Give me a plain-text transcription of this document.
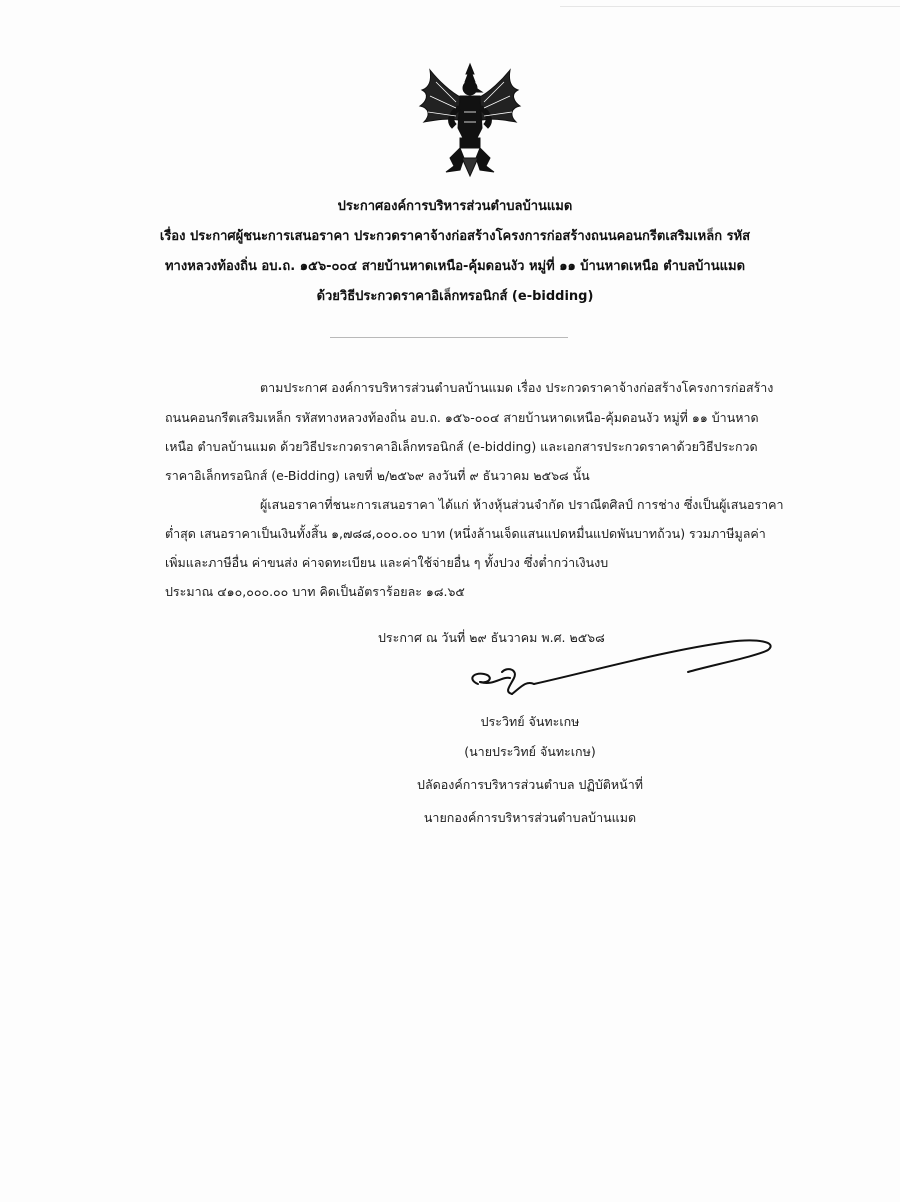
ประกาศองค์การบริหารส่วนตำบลบ้านแมด
เรื่อง ประกาศผู้ชนะการเสนอราคา ประกวดราคาจ้างก่อสร้างโครงการก่อสร้างถนนคอนกรีตเสริมเหล็ก รหัส
ทางหลวงท้องถิ่น อบ.ถ. ๑๕๖-๐๐๔ สายบ้านหาดเหนือ-คุ้มดอนงัว หมู่ที่ ๑๑ บ้านหาดเหนือ ตำบลบ้านแมด
ด้วยวิธีประกวดราคาอิเล็กทรอนิกส์ (e-bidding)
ตามประกาศ องค์การบริหารส่วนตำบลบ้านแมด เรื่อง ประกวดราคาจ้างก่อสร้างโครงการก่อสร้าง
ถนนคอนกรีตเสริมเหล็ก รหัสทางหลวงท้องถิ่น อบ.ถ. ๑๕๖-๐๐๔ สายบ้านหาดเหนือ-คุ้มดอนงัว หมู่ที่ ๑๑ บ้านหาด
เหนือ ตำบลบ้านแมด ด้วยวิธีประกวดราคาอิเล็กทรอนิกส์ (e-bidding) และเอกสารประกวดราคาด้วยวิธีประกวด
ราคาอิเล็กทรอนิกส์ (e-Bidding) เลขที่ ๒/๒๕๖๙ ลงวันที่ ๙ ธันวาคม ๒๕๖๘ นั้น
ผู้เสนอราคาที่ชนะการเสนอราคา ได้แก่ ห้างหุ้นส่วนจำกัด ปราณีตศิลป์ การช่าง ซึ่งเป็นผู้เสนอราคา
ต่ำสุด เสนอราคาเป็นเงินทั้งสิ้น ๑,๗๘๘,๐๐๐.๐๐ บาท (หนึ่งล้านเจ็ดแสนแปดหมื่นแปดพันบาทถ้วน) รวมภาษีมูลค่า
เพิ่มและภาษีอื่น ค่าขนส่ง ค่าจดทะเบียน และค่าใช้จ่ายอื่น ๆ ทั้งปวง ซึ่งต่ำกว่าเงินงบ
ประมาณ ๔๑๐,๐๐๐.๐๐ บาท คิดเป็นอัตราร้อยละ ๑๘.๖๕
ประกาศ ณ วันที่ ๒๙ ธันวาคม พ.ศ. ๒๕๖๘
ประวิทย์ จันทะเกษ
(นายประวิทย์ จันทะเกษ)
ปลัดองค์การบริหารส่วนตำบล ปฏิบัติหน้าที่
นายกองค์การบริหารส่วนตำบลบ้านแมด
